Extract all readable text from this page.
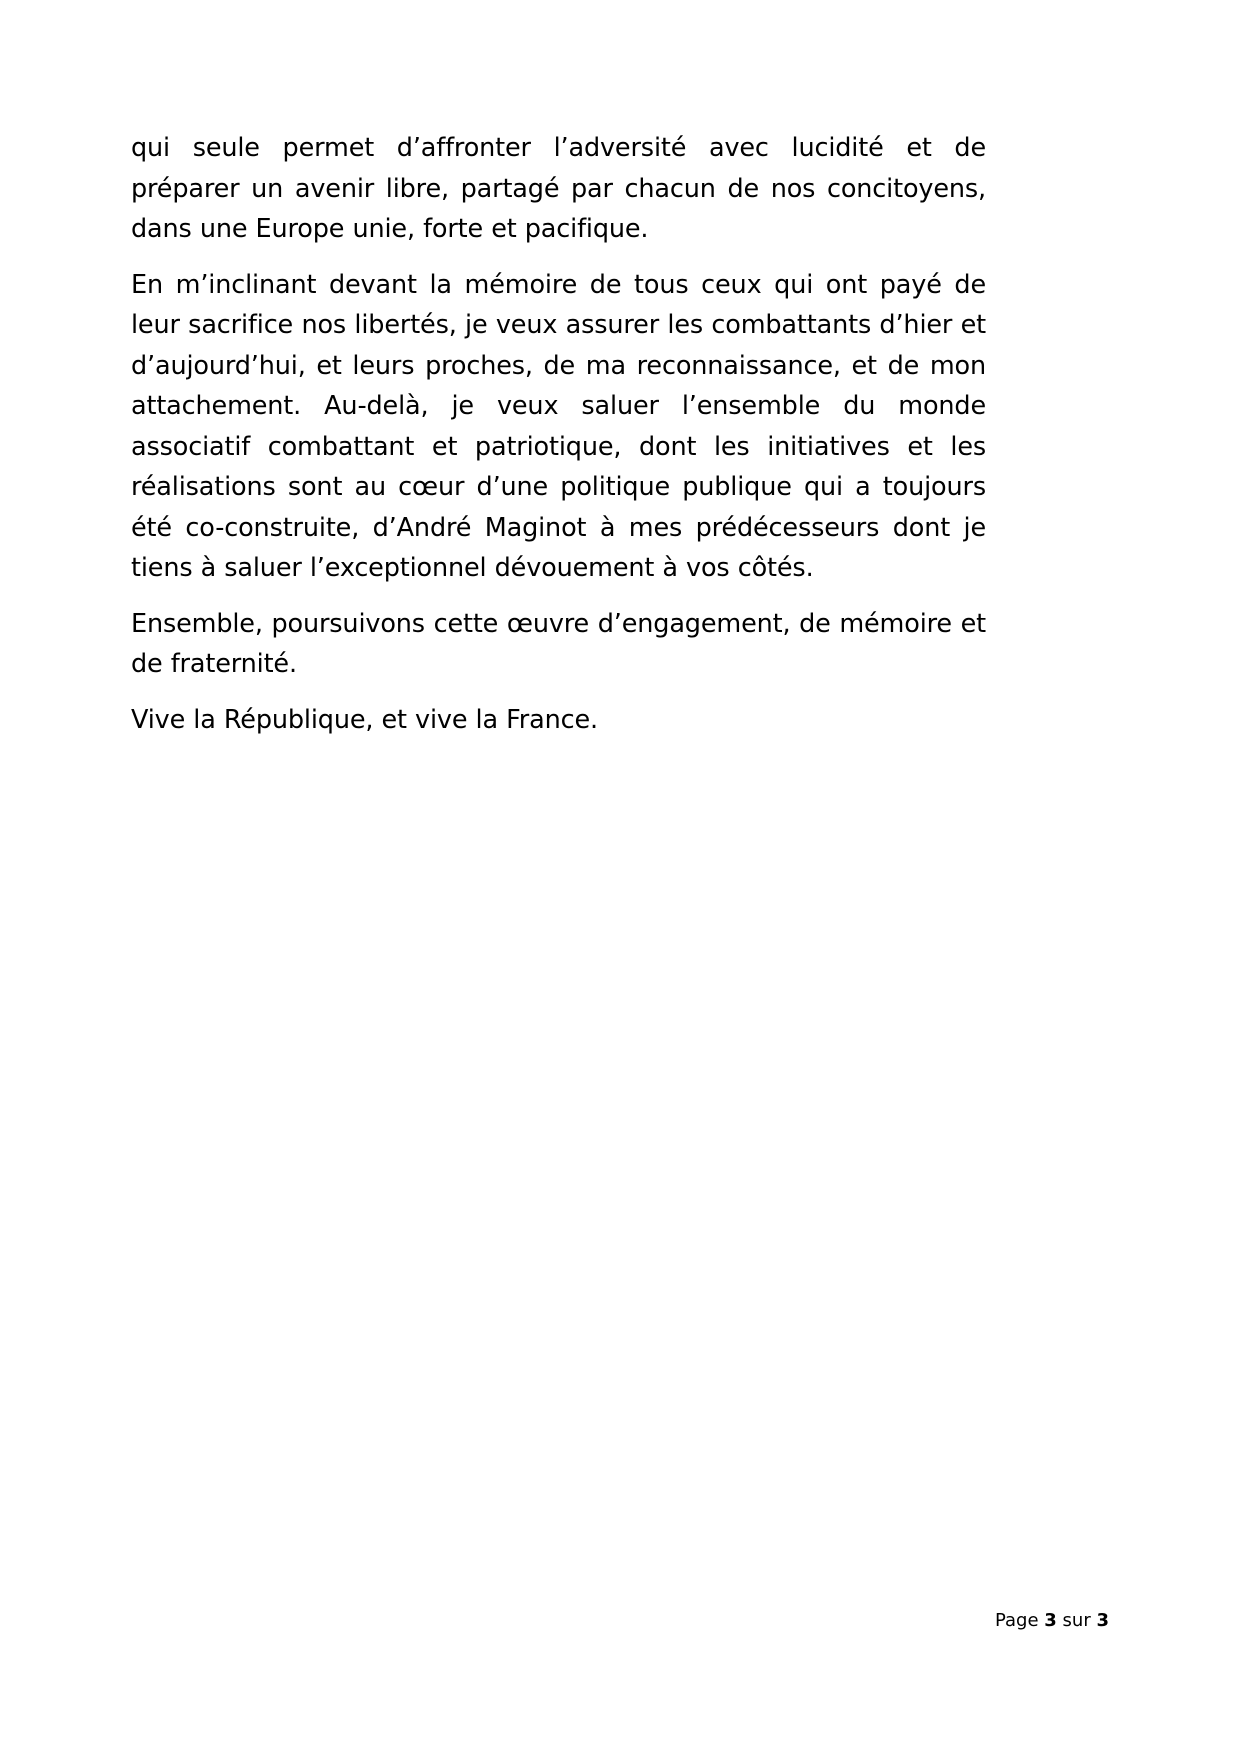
qui seule permet d’affronter l’adversité avec lucidité et de préparer un avenir libre, partagé par chacun de nos concitoyens, dans une Europe unie, forte et pacifique.

En m’inclinant devant la mémoire de tous ceux qui ont payé de leur sacrifice nos libertés, je veux assurer les combattants d’hier et d’aujourd’hui, et leurs proches, de ma reconnaissance, et de mon attachement. Au-delà, je veux saluer l’ensemble du monde associatif combattant et patriotique, dont les initiatives et les réalisations sont au cœur d’une politique publique qui a toujours été co-construite, d’André Maginot à mes prédécesseurs dont je tiens à saluer l’exceptionnel dévouement à vos côtés.

Ensemble, poursuivons cette œuvre d’engagement, de mémoire et de fraternité.

Vive la République, et vive la France.

Page 3 sur 3
